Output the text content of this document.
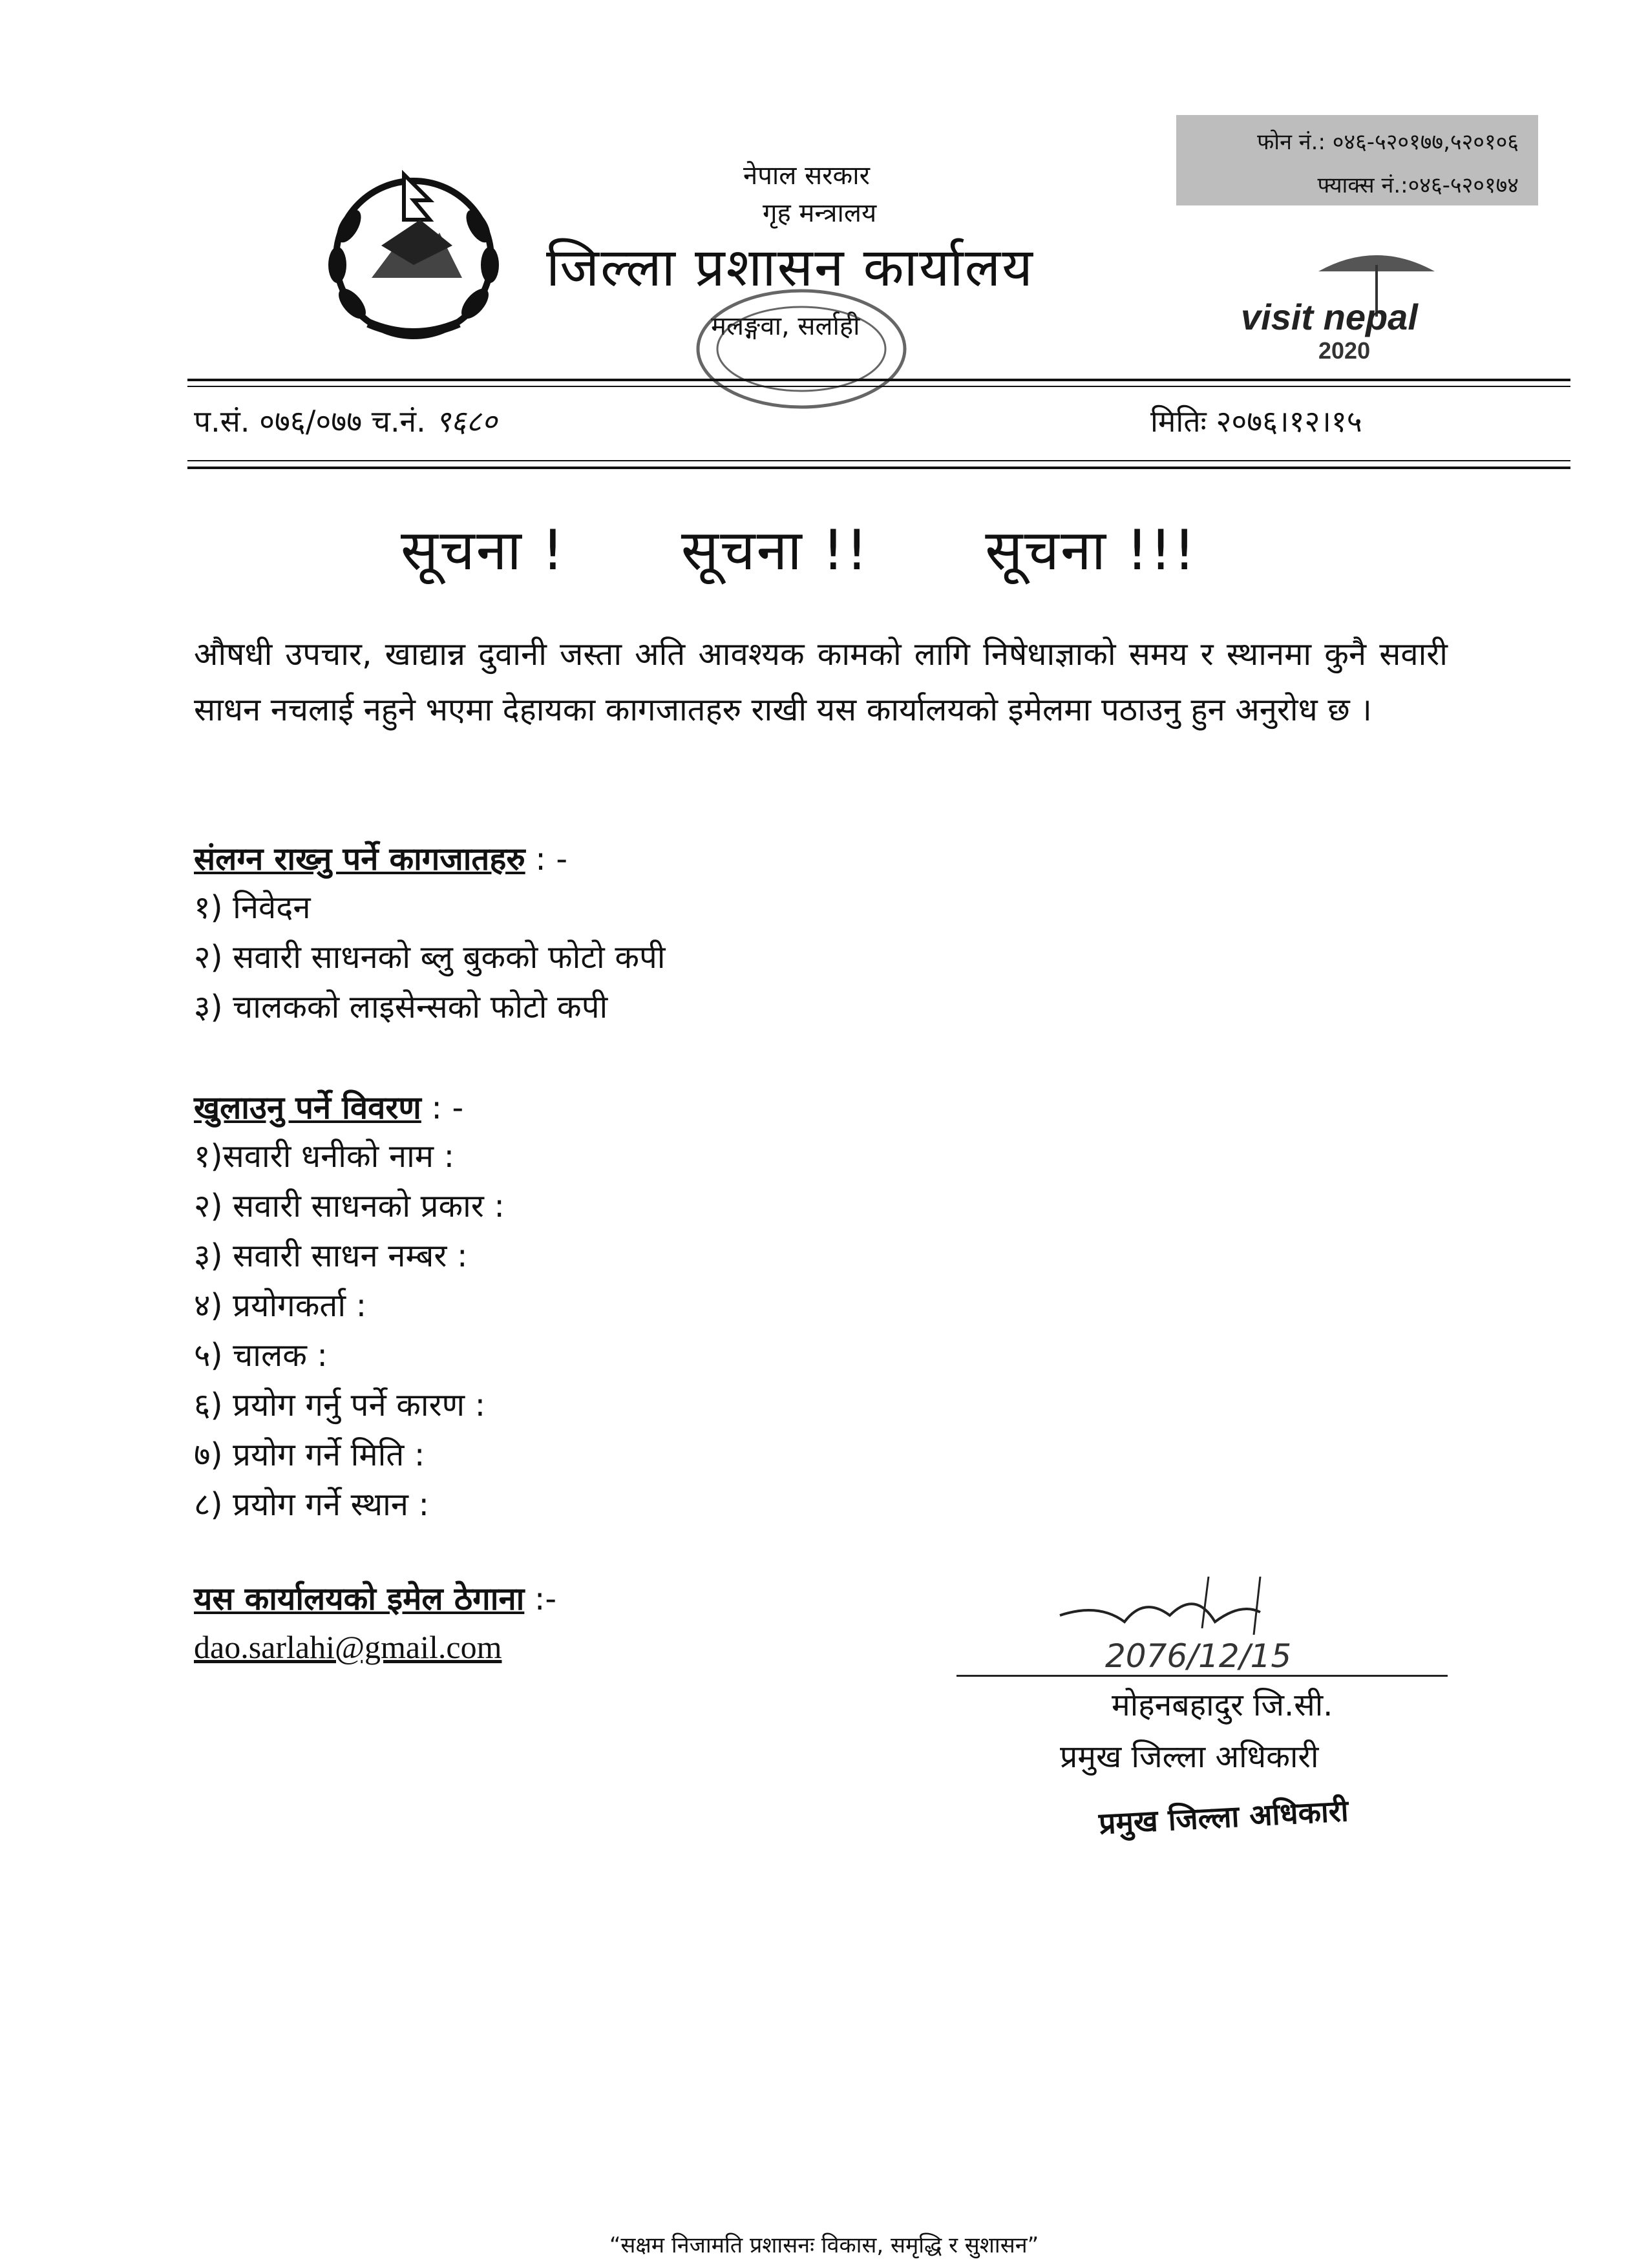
नेपाल सरकार
गृह मन्त्रालय
जिल्ला प्रशासन कार्यालय
मलङ्गवा, सर्लाही
फोन नं.: ०४६-५२०१७७,५२०१०६
फ्याक्स नं.:०४६-५२०१७४
visit nepal
2020
प.सं. ०७६/०७७ च.नं. ९६८०	मितिः २०७६।१२।१५
सूचना ! सूचना !! सूचना !!!
औषधी उपचार, खाद्यान्न दुवानी जस्ता अति आवश्यक कामको लागि निषेधाज्ञाको समय र स्थानमा कुनै सवारी साधन नचलाई नहुने भएमा देहायका कागजातहरु राखी यस कार्यालयको इमेलमा पठाउनु हुन अनुरोध छ ।
संलग्न राख्नु पर्ने कागजातहरु : -
१) निवेदन
२) सवारी साधनको ब्लु बुकको फोटो कपी
३) चालकको लाइसेन्सको फोटो कपी
खुलाउनु पर्ने विवरण : -
१)सवारी धनीको नाम :
२) सवारी साधनको प्रकार :
३) सवारी साधन नम्बर :
४) प्रयोगकर्ता :
५) चालक :
६) प्रयोग गर्नु पर्ने कारण :
७) प्रयोग गर्ने मिति :
८) प्रयोग गर्ने स्थान :
यस कार्यालयको इमेल ठेगाना :-
dao.sarlahi@gmail.com	2076/12/15
मोहनबहादुर जि.सी.
प्रमुख जिल्ला अधिकारी
प्रमुख जिल्ला अधिकारी
“सक्षम निजामति प्रशासनः विकास, समृद्धि र सुशासन”
